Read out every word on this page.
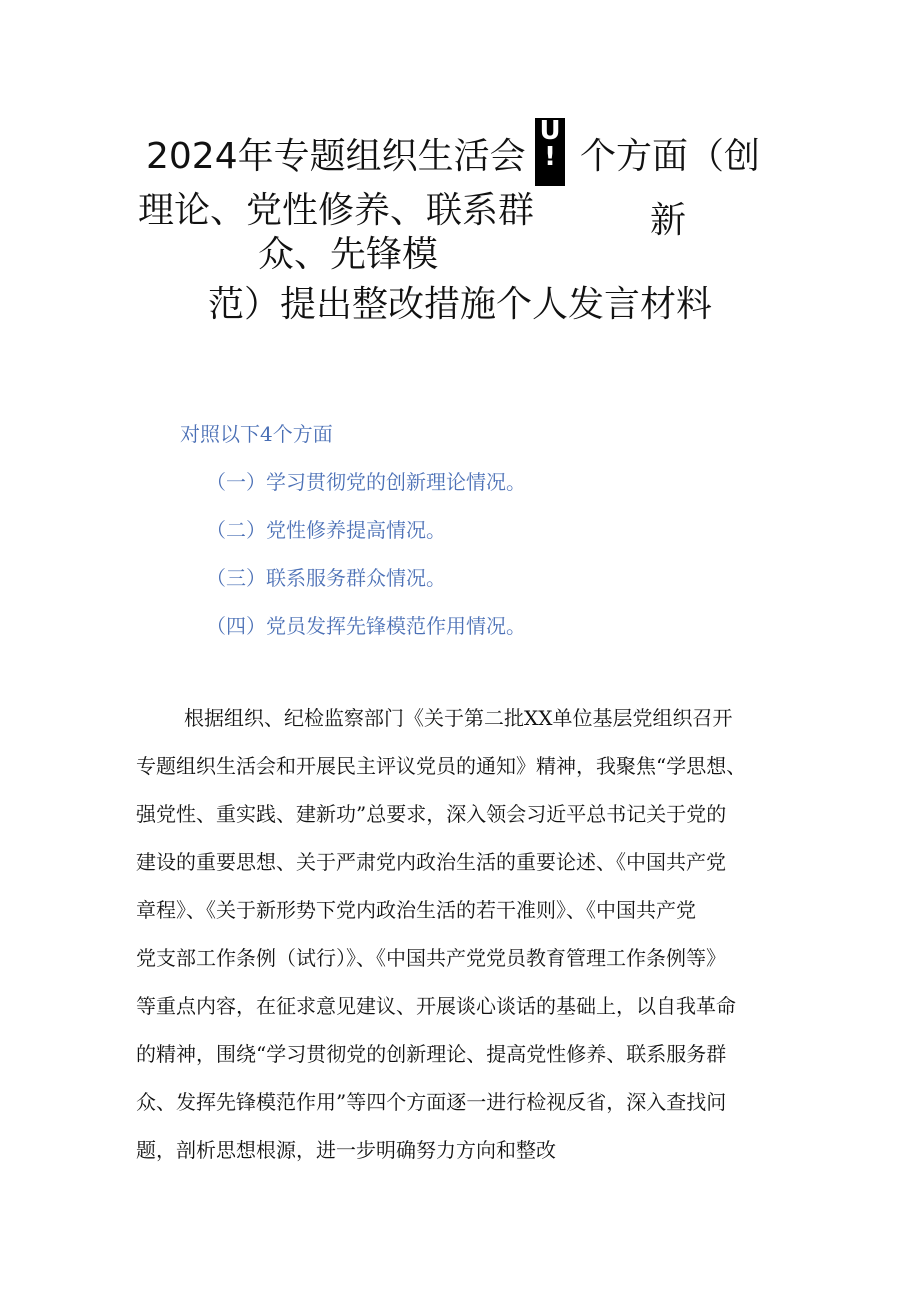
2024年专题组织生活会
U
! 个方面（创
理论、党性修养、联系群	新
众、先锋模
范）提出整改措施个人发言材料
对照以下4个方面
（一）学习贯彻党的创新理论情况。
（二）党性修养提高情况。
（三）联系服务群众情况。
（四）党员发挥先锋模范作用情况。
根据组织、纪检监察部门《关于第二批XX单位基层党组织召开
专题组织生活会和开展民主评议党员的通知》精神，我聚焦“学思想、
强党性、重实践、建新功”总要求，深入领会习近平总书记关于党的
建设的重要思想、关于严肃党内政治生活的重要论述、《中国共产党
章程》、《关于新形势下党内政治生活的若干准则》、《中国共产党
党支部工作条例（试行）》、《中国共产党党员教育管理工作条例等》
等重点内容，在征求意见建议、开展谈心谈话的基础上，以自我革命
的精神，围绕“学习贯彻党的创新理论、提高党性修养、联系服务群
众、发挥先锋模范作用”等四个方面逐一进行检视反省，深入查找问
题，剖析思想根源，进一步明确努力方向和整改
